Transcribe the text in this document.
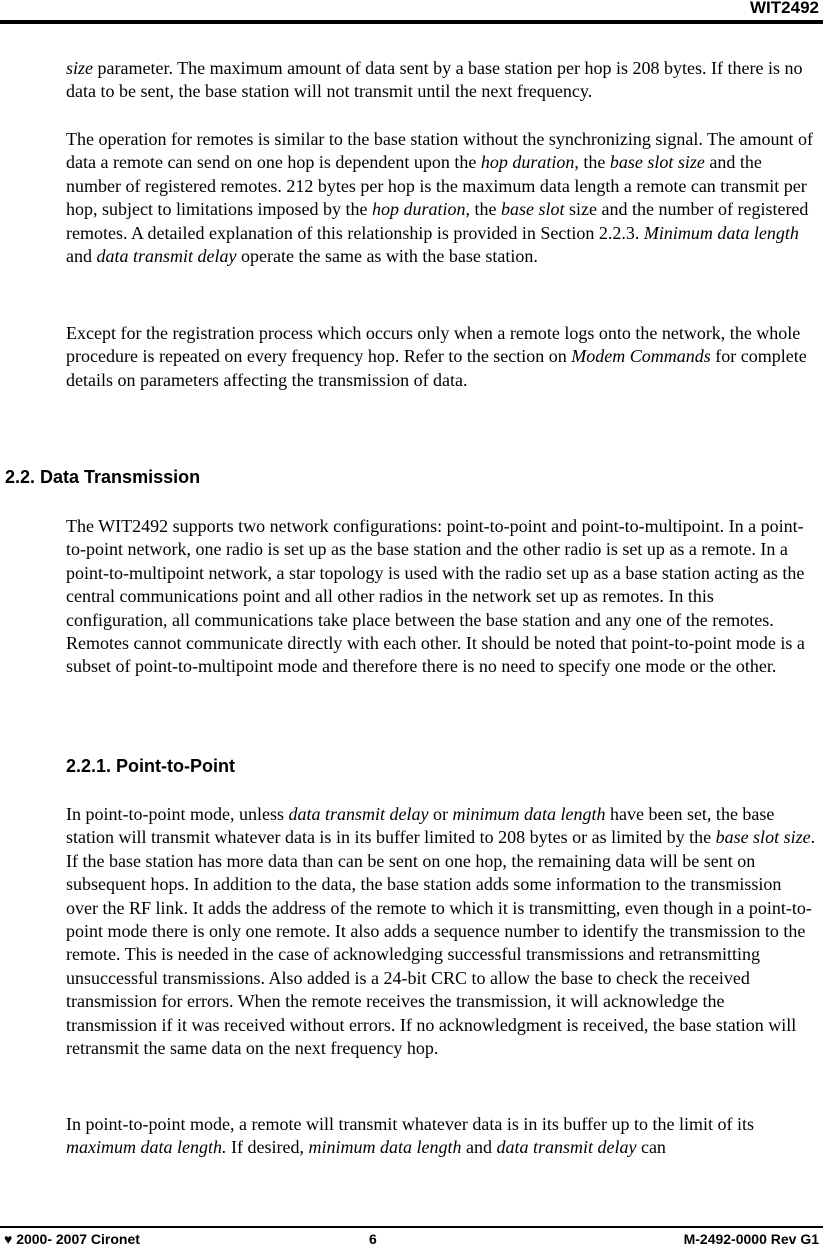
WIT2492

size parameter. The maximum amount of data sent by a base station per hop is 208 bytes. If there is no data to be sent, the base station will not transmit until the next frequency.

The operation for remotes is similar to the base station without the synchronizing signal. The amount of data a remote can send on one hop is dependent upon the hop duration, the base slot size and the number of registered remotes. 212 bytes per hop is the maximum data length a remote can transmit per hop, subject to limitations imposed by the hop duration, the base slot size and the number of registered remotes. A detailed explanation of this relationship is provided in Section 2.2.3. Minimum data length and data transmit delay operate the same as with the base station.

Except for the registration process which occurs only when a remote logs onto the network, the whole procedure is repeated on every frequency hop. Refer to the section on Modem Commands for complete details on parameters affecting the transmission of data.

2.2. Data Transmission

The WIT2492 supports two network configurations: point-to-point and point-to-multipoint. In a point-to-point network, one radio is set up as the base station and the other radio is set up as a remote. In a point-to-multipoint network, a star topology is used with the radio set up as a base station acting as the central communications point and all other radios in the network set up as remotes. In this configuration, all communications take place between the base station and any one of the remotes. Remotes cannot communicate directly with each other. It should be noted that point-to-point mode is a subset of point-to-multipoint mode and therefore there is no need to specify one mode or the other.

2.2.1. Point-to-Point

In point-to-point mode, unless data transmit delay or minimum data length have been set, the base station will transmit whatever data is in its buffer limited to 208 bytes or as limited by the base slot size. If the base station has more data than can be sent on one hop, the remaining data will be sent on subsequent hops. In addition to the data, the base station adds some information to the transmission over the RF link. It adds the address of the remote to which it is transmitting, even though in a point-to-point mode there is only one remote. It also adds a sequence number to identify the transmission to the remote. This is needed in the case of acknowledging successful transmissions and retransmitting unsuccessful transmissions. Also added is a 24-bit CRC to allow the base to check the received transmission for errors. When the remote receives the transmission, it will acknowledge the transmission if it was received without errors. If no acknowledgment is received, the base station will retransmit the same data on the next frequency hop.

In point-to-point mode, a remote will transmit whatever data is in its buffer up to the limit of its maximum data length. If desired, minimum data length and data transmit delay can

♥ 2000- 2007 Cironet	6	M-2492-0000 Rev G1
